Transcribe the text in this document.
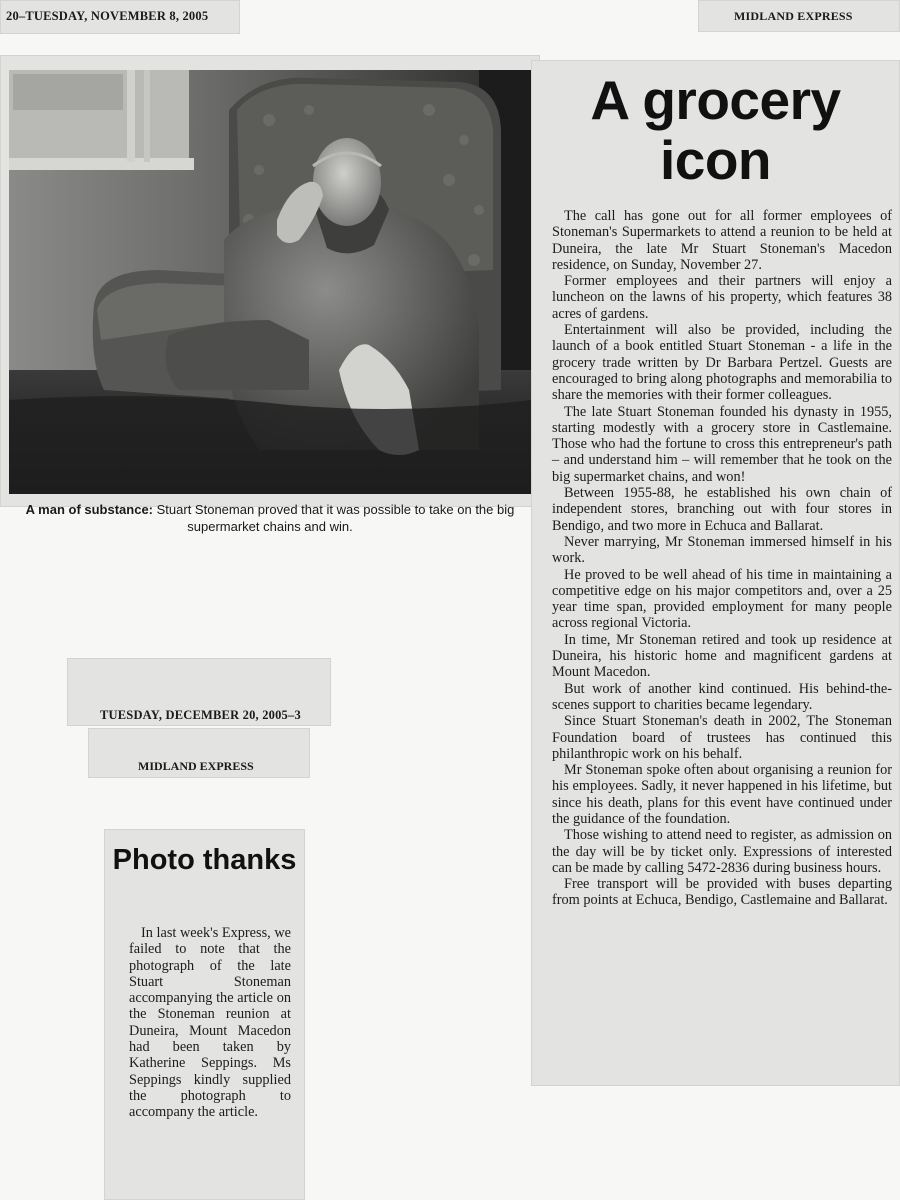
20–TUESDAY, NOVEMBER 8, 2005	MIDLAND EXPRESS
A man of substance: Stuart Stoneman proved that it was possible to take on the big supermarket chains and win.
A grocery icon

The call has gone out for all former employees of Stoneman's Supermarkets to attend a reunion to be held at Duneira, the late Mr Stuart Stoneman's Macedon residence, on Sunday, November 27.

Former employees and their partners will enjoy a luncheon on the lawns of his property, which features 38 acres of gardens.

Entertainment will also be provided, including the launch of a book entitled Stuart Stoneman - a life in the grocery trade written by Dr Barbara Pertzel. Guests are encouraged to bring along photographs and memorabilia to share the memories with their former colleagues.

The late Stuart Stoneman founded his dynasty in 1955, starting modestly with a grocery store in Castlemaine. Those who had the fortune to cross this entrepreneur's path – and understand him – will remember that he took on the big supermarket chains, and won!

Between 1955-88, he established his own chain of independent stores, branching out with four stores in Bendigo, and two more in Echuca and Ballarat.

Never marrying, Mr Stoneman immersed himself in his work.

He proved to be well ahead of his time in maintaining a competitive edge on his major competitors and, over a 25 year time span, provided employment for many people across regional Victoria.

In time, Mr Stoneman retired and took up residence at Duneira, his historic home and magnificent gardens at Mount Macedon.

But work of another kind continued. His behind-the-scenes support to charities became legendary.

Since Stuart Stoneman's death in 2002, The Stoneman Foundation board of trustees has continued this philanthropic work on his behalf.

Mr Stoneman spoke often about organising a reunion for his employees. Sadly, it never happened in his lifetime, but since his death, plans for this event have continued under the guidance of the foundation.

Those wishing to attend need to register, as admission on the day will be by ticket only. Expressions of interested can be made by calling 5472-2836 during business hours.

Free transport will be provided with buses departing from points at Echuca, Bendigo, Castlemaine and Ballarat.

TUESDAY, DECEMBER 20, 2005–3
MIDLAND EXPRESS
Photo thanks

In last week's Express, we failed to note that the photograph of the late Stuart Stoneman accompanying the article on the Stoneman reunion at Duneira, Mount Macedon had been taken by Katherine Seppings. Ms Seppings kindly supplied the photograph to accompany the article.
